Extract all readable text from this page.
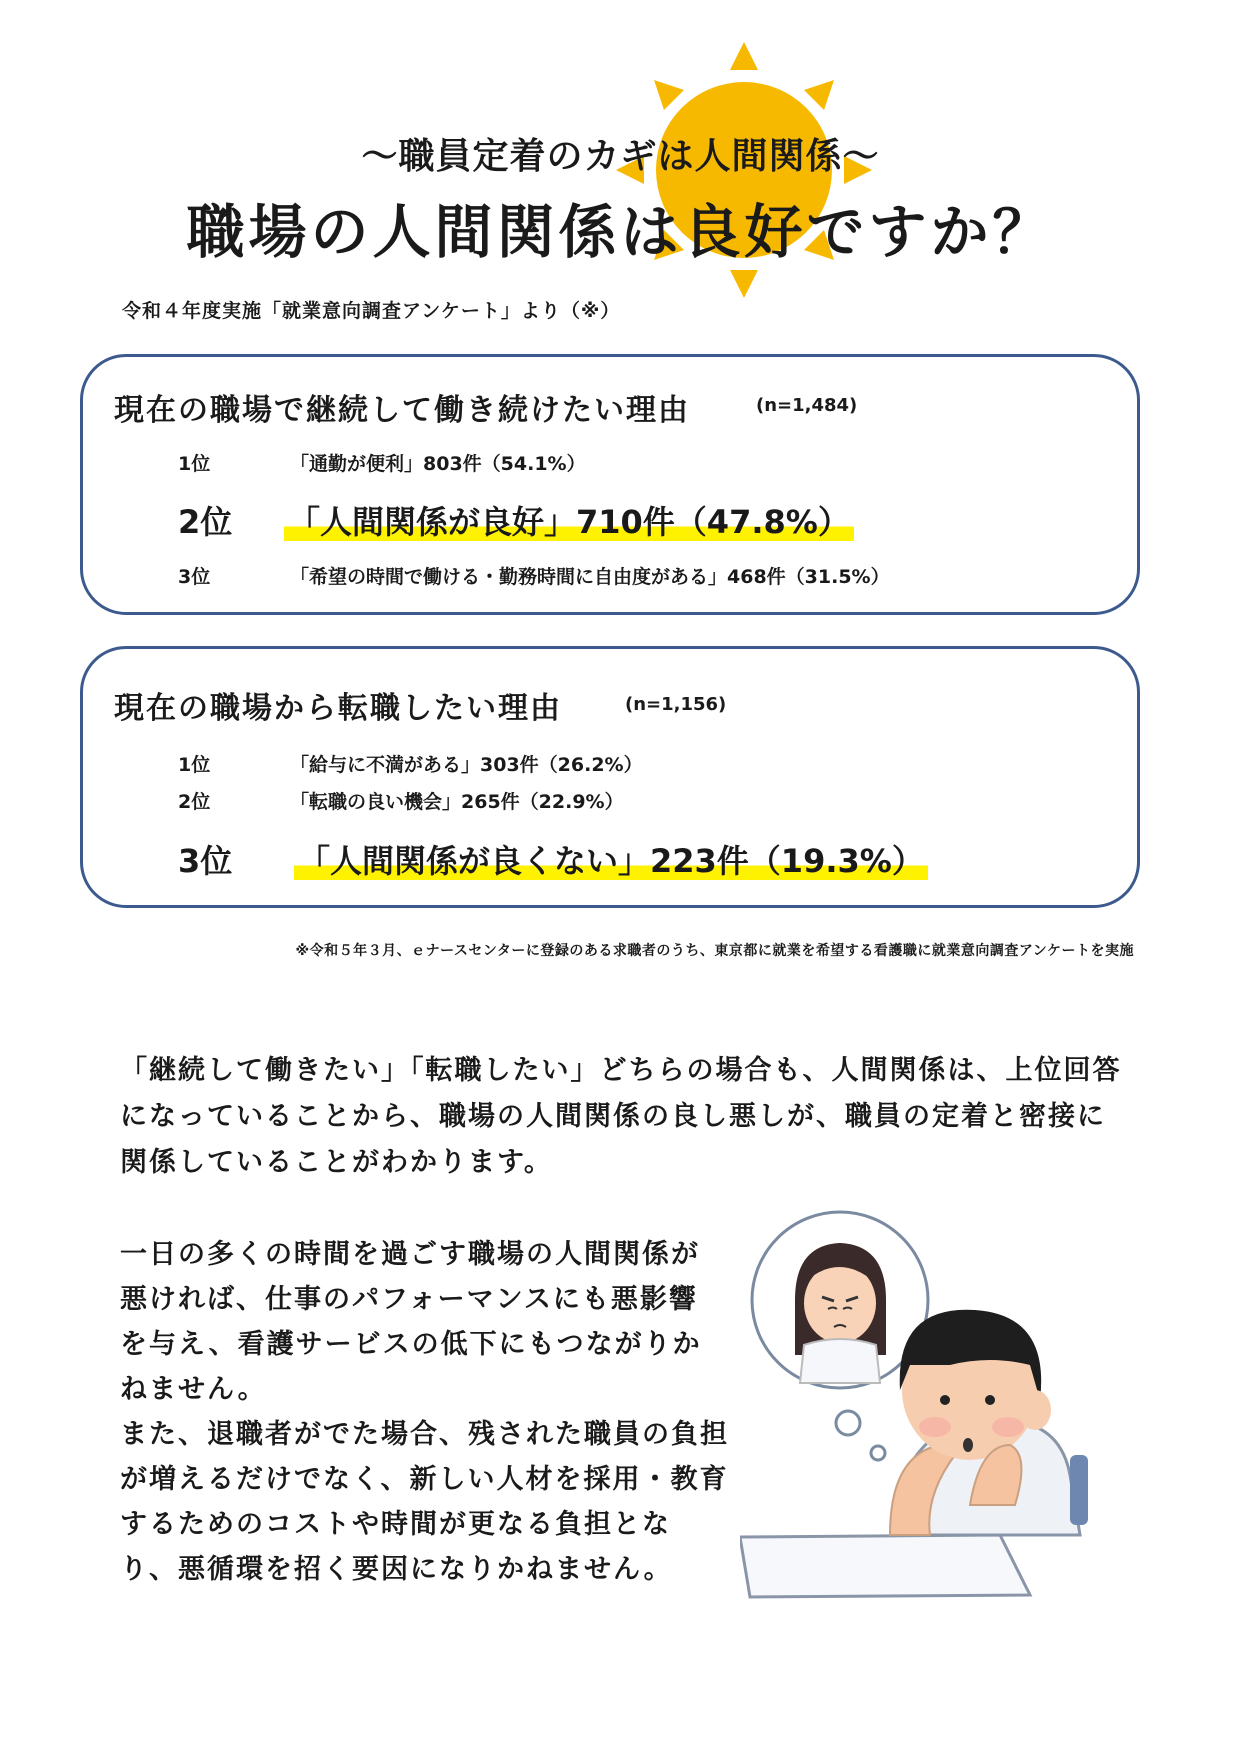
〜職員定着のカギは人間関係〜
職場の人間関係は良好ですか？
令和４年度実施「就業意向調査アンケート」より（※）
現在の職場で継続して働き続けたい理由	(n=1,484)
1位	「通勤が便利」803件（54.1%）
2位 「人間関係が良好」710件（47.8%）
3位	「希望の時間で働ける・勤務時間に自由度がある」468件（31.5%）
現在の職場から転職したい理由	(n=1,156)
1位	「給与に不満がある」303件（26.2%）
2位	「転職の良い機会」265件（22.9%）
3位 「人間関係が良くない」223件（19.3%）
※令和５年３月、ｅナースセンターに登録のある求職者のうち、東京都に就業を希望する看護職に就業意向調査アンケートを実施
「継続して働きたい」「転職したい」どちらの場合も、人間関係は、上位回答になっていることから、職場の人間関係の良し悪しが、職員の定着と密接に関係していることがわかります。
一日の多くの時間を過ごす職場の人間関係が
悪ければ、仕事のパフォーマンスにも悪影響
を与え、看護サービスの低下にもつながりか
ねません。
また、退職者がでた場合、残された職員の負担
が増えるだけでなく、新しい人材を採用・教育
するためのコストや時間が更なる負担とな
り、悪循環を招く要因になりかねません。
